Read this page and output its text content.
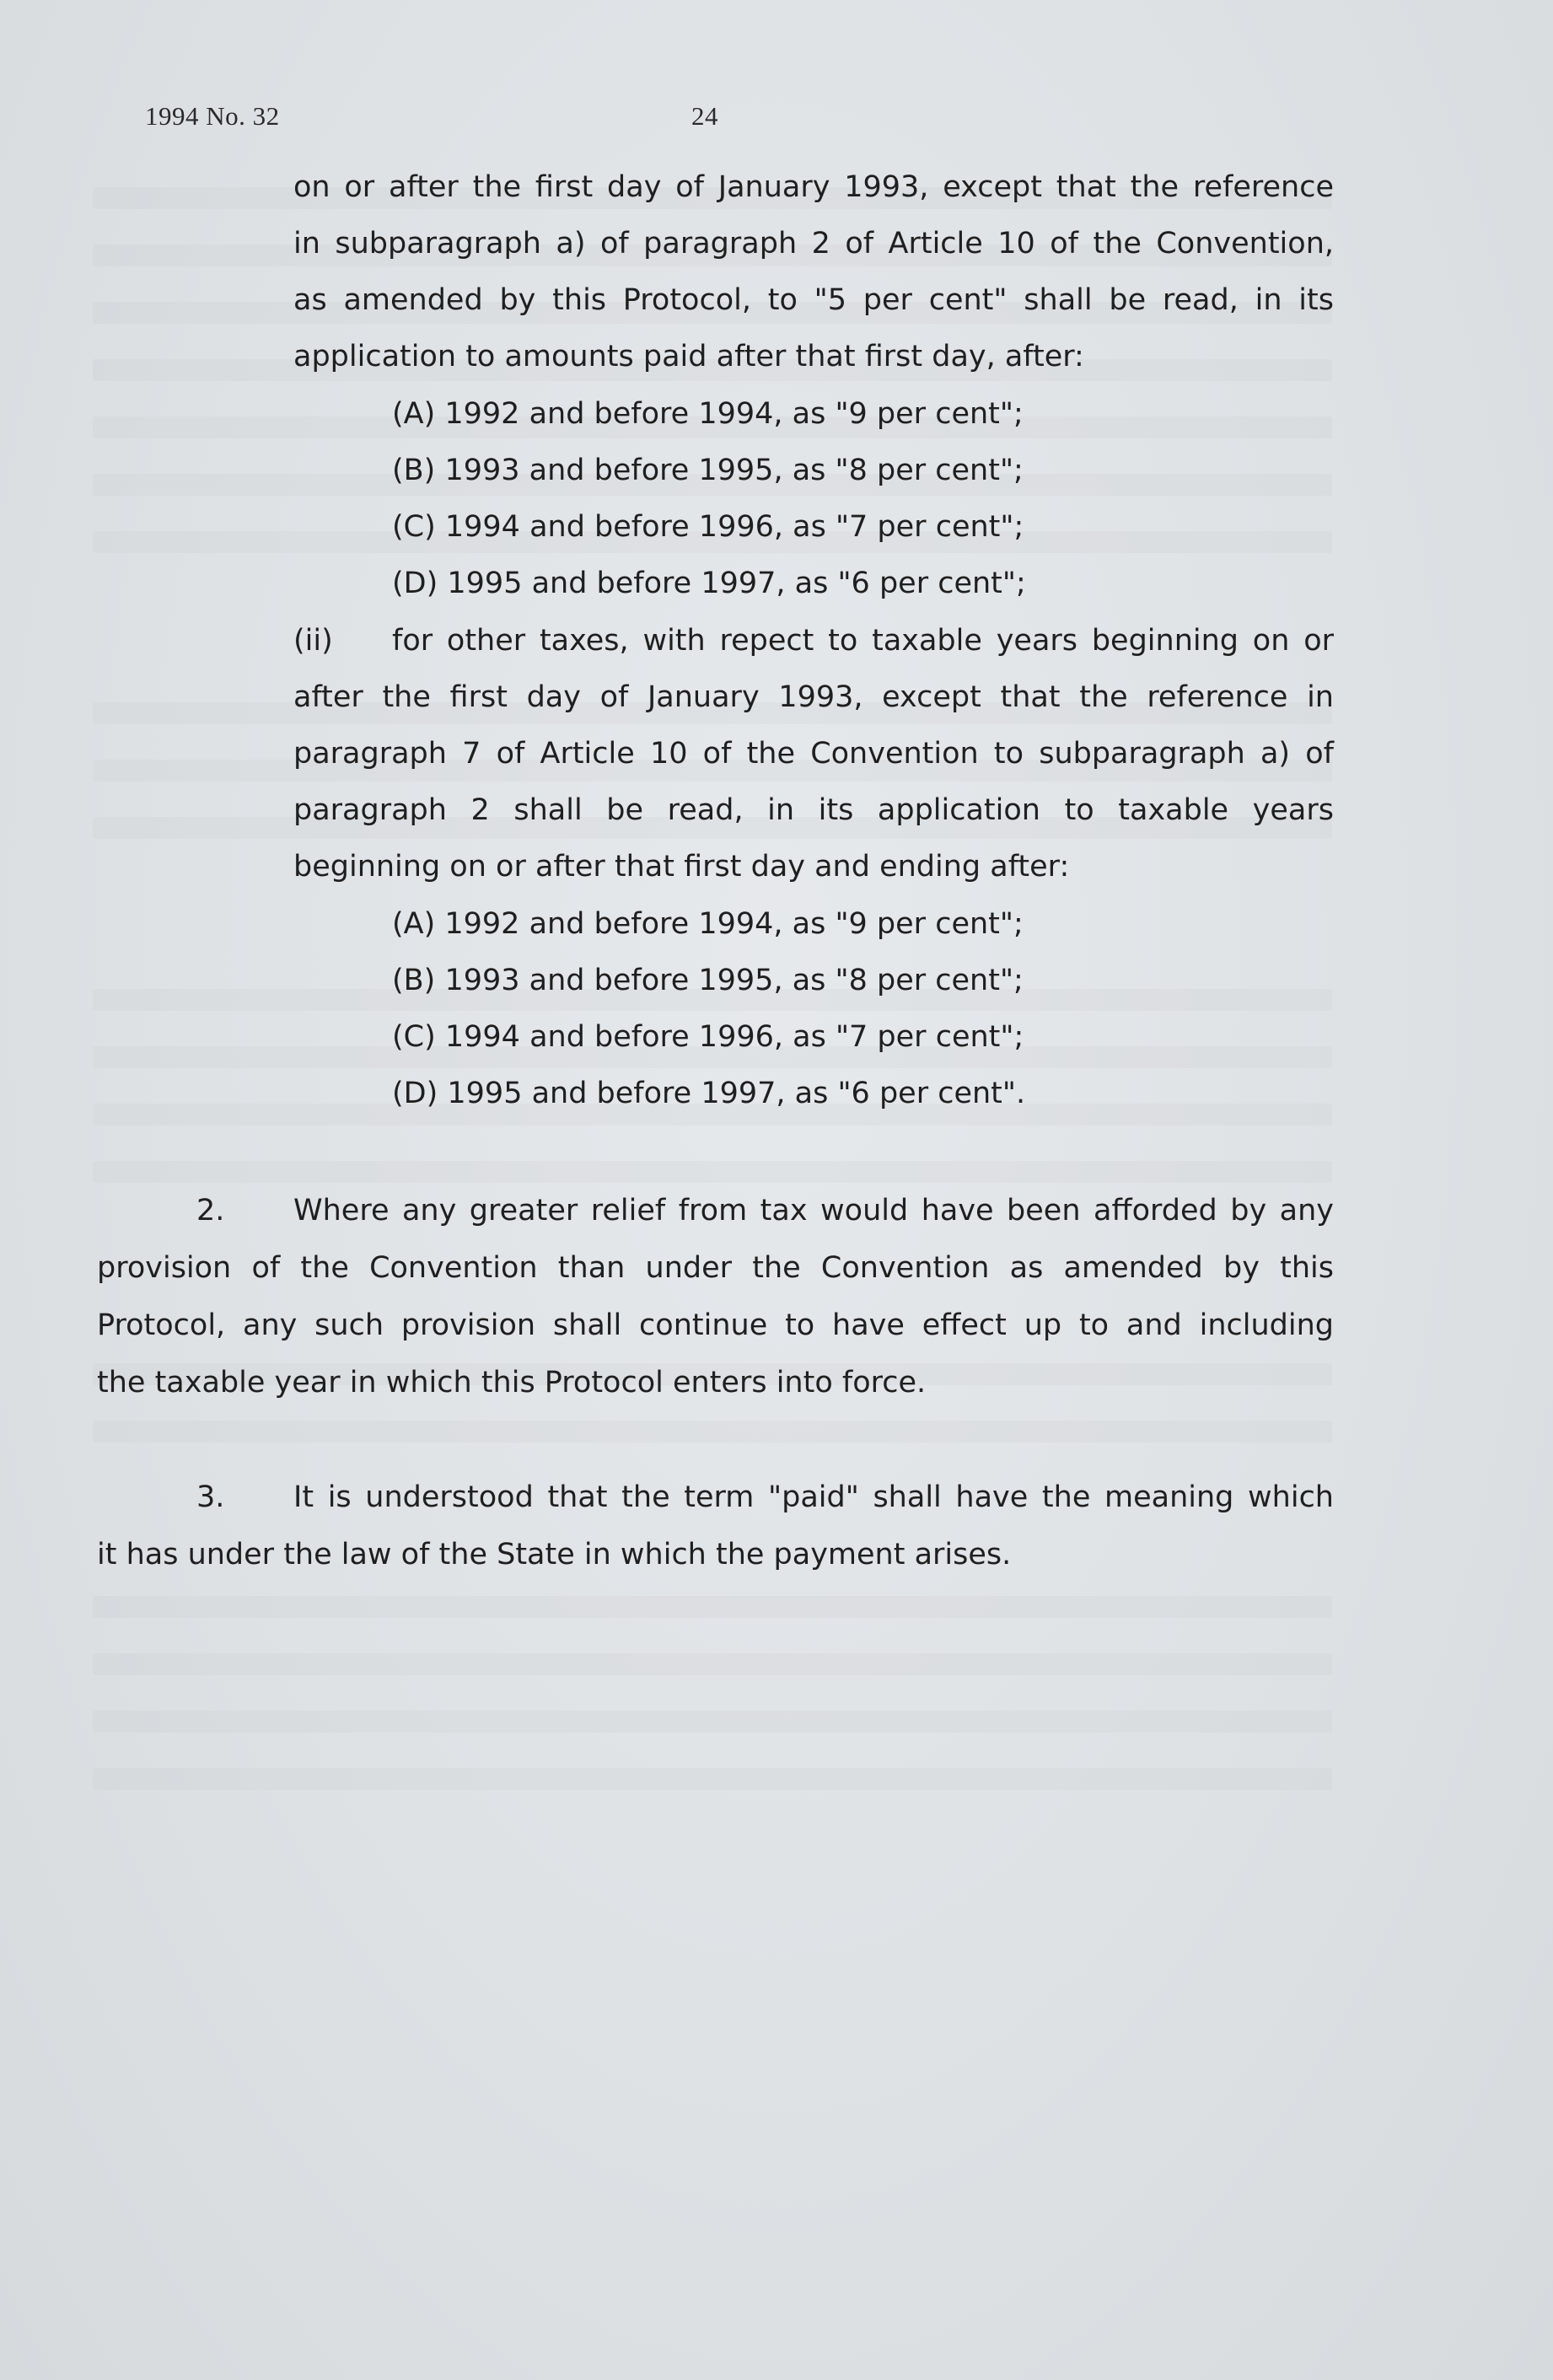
1994 No. 32	24
on or after the first day of January 1993, except that the reference
in subparagraph a) of paragraph 2 of Article 10 of the Convention,
as amended by this Protocol, to "5 per cent" shall be read, in its
application to amounts paid after that first day, after:
(A) 1992 and before 1994, as "9 per cent";
(B) 1993 and before 1995, as "8 per cent";
(C) 1994 and before 1996, as "7 per cent";
(D) 1995 and before 1997, as "6 per cent";
(ii) for other taxes, with repect to taxable years beginning on or
after the first day of January 1993, except that the reference in
paragraph 7 of Article 10 of the Convention to subparagraph a) of
paragraph 2 shall be read, in its application to taxable years
beginning on or after that first day and ending after:
(A) 1992 and before 1994, as "9 per cent";
(B) 1993 and before 1995, as "8 per cent";
(C) 1994 and before 1996, as "7 per cent";
(D) 1995 and before 1997, as "6 per cent".
2. Where any greater relief from tax would have been afforded by any
provision of the Convention than under the Convention as amended by this
Protocol, any such provision shall continue to have effect up to and including
the taxable year in which this Protocol enters into force.
3. It is understood that the term "paid" shall have the meaning which
it has under the law of the State in which the payment arises.
